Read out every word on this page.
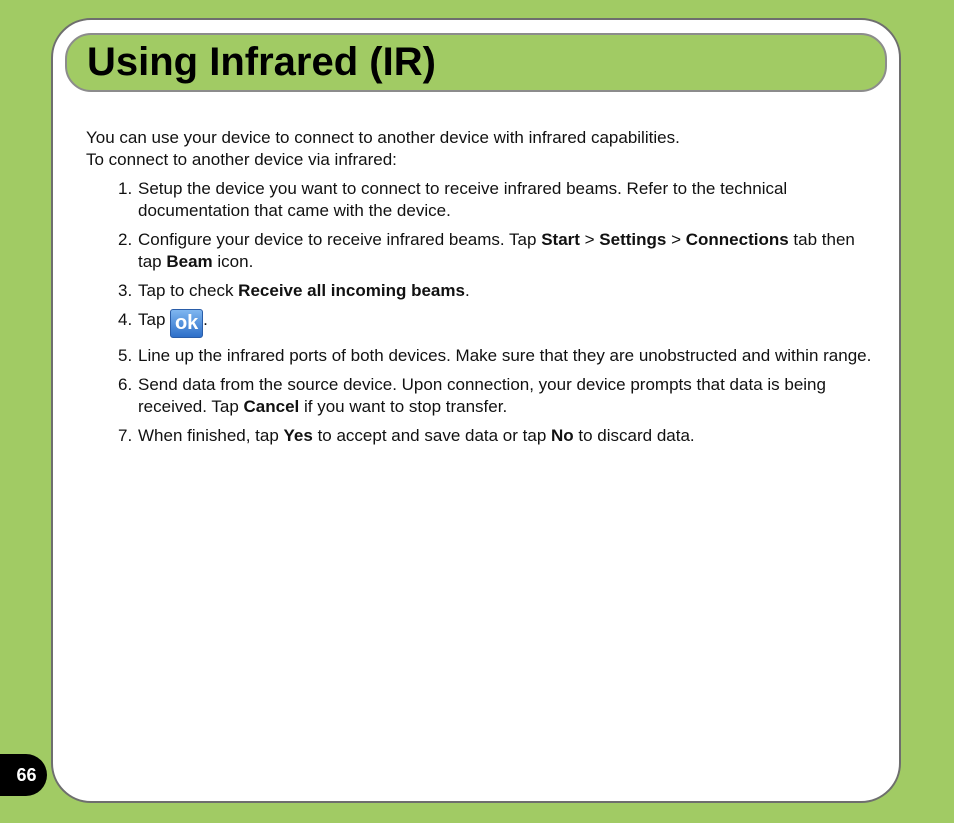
Using Infrared (IR)
You can use your device to connect to another device with infrared capabilities.
To connect to another device via infrared:
1. Setup the device you want to connect to receive infrared beams. Refer to the technical documentation that came with the device.
2. Configure your device to receive infrared beams. Tap Start > Settings > Connections tab then tap Beam icon.
3. Tap to check Receive all incoming beams.
4. Tap ok .
5. Line up the infrared ports of both devices. Make sure that they are unobstructed and within range.
6. Send data from the source device. Upon connection, your device prompts that data is being received. Tap Cancel if you want to stop transfer.
7. When finished, tap Yes to accept and save data or tap No to discard data.
66
